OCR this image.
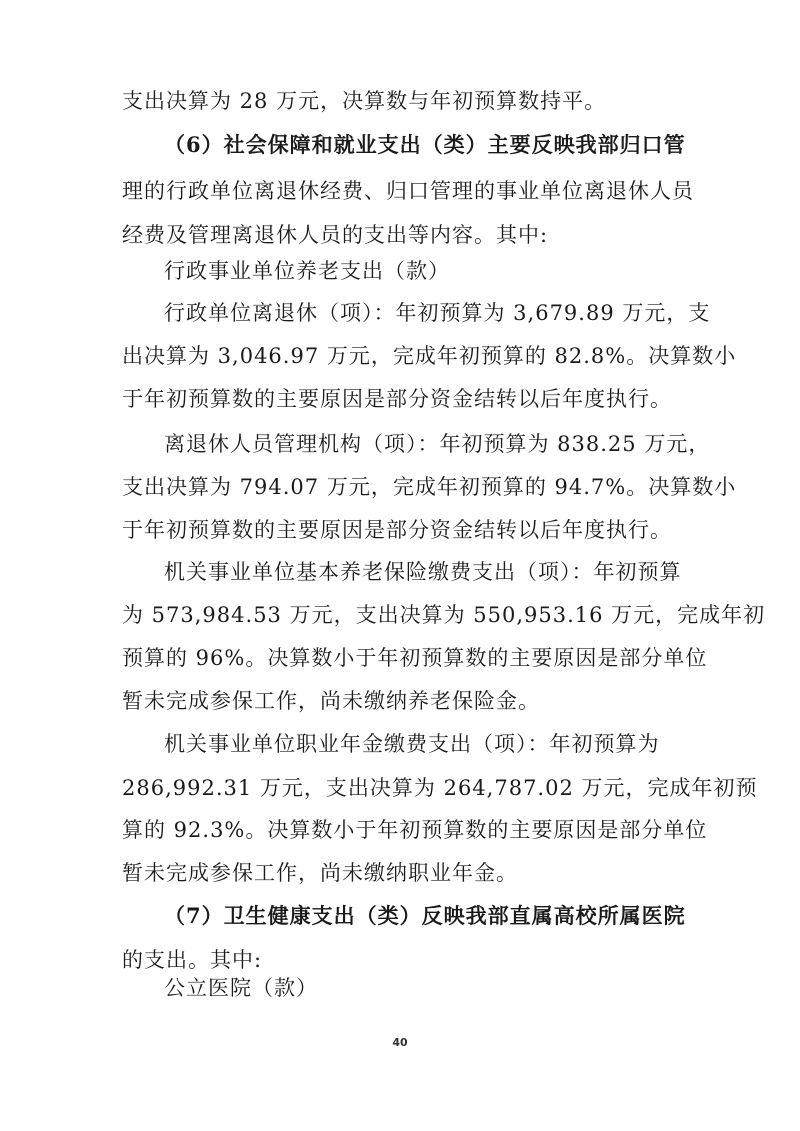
支出决算为 28 万元，决算数与年初预算数持平。
（6）社会保障和就业支出（类）主要反映我部归口管
理的行政单位离退休经费、归口管理的事业单位离退休人员
经费及管理离退休人员的支出等内容。其中:
行政事业单位养老支出（款）
行政单位离退休（项）：年初预算为 3,679.89 万元，支
出决算为 3,046.97 万元，完成年初预算的 82.8%。决算数小
于年初预算数的主要原因是部分资金结转以后年度执行。
离退休人员管理机构（项）：年初预算为 838.25 万元，
支出决算为 794.07 万元，完成年初预算的 94.7%。决算数小
于年初预算数的主要原因是部分资金结转以后年度执行。
机关事业单位基本养老保险缴费支出（项）：年初预算
为 573,984.53 万元，支出决算为 550,953.16 万元，完成年初
预算的 96%。决算数小于年初预算数的主要原因是部分单位
暂未完成参保工作，尚未缴纳养老保险金。
机关事业单位职业年金缴费支出（项）：年初预算为
286,992.31 万元，支出决算为 264,787.02 万元，完成年初预
算的 92.3%。决算数小于年初预算数的主要原因是部分单位
暂未完成参保工作，尚未缴纳职业年金。
（7）卫生健康支出（类）反映我部直属高校所属医院
的支出。其中:
公立医院（款）
40
